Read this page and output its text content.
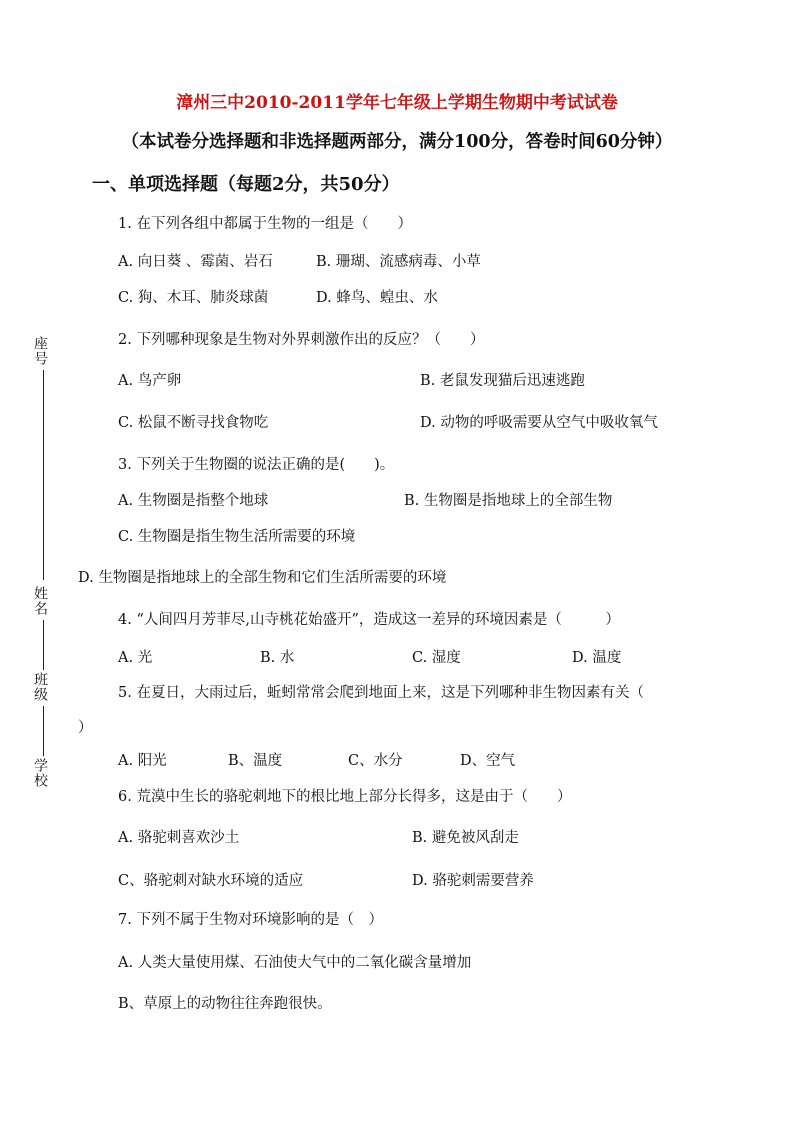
座号
姓名
班级
学校
漳州三中2010-2011学年七年级上学期生物期中考试试卷
（本试卷分选择题和非选择题两部分，满分100分，答卷时间60分钟）
一、单项选择题（每题2分，共50分）
1. 在下列各组中都属于生物的一组是（　　）
A. 向日葵 、霉菌、岩石	B. 珊瑚、流感病毒、小草
C. 狗、木耳、肺炎球菌	D. 蜂鸟、蝗虫、水
2. 下列哪种现象是生物对外界刺激作出的反应？（　　）
A. 鸟产卵	B. 老鼠发现猫后迅速逃跑
C. 松鼠不断寻找食物吃	D. 动物的呼吸需要从空气中吸收氧气
3. 下列关于生物圈的说法正确的是(　　)。
A. 生物圈是指整个地球	B. 生物圈是指地球上的全部生物
C. 生物圈是指生物生活所需要的环境
D. 生物圈是指地球上的全部生物和它们生活所需要的环境
4. “人间四月芳菲尽,山寺桃花始盛开”，造成这一差异的环境因素是（　　　）
A. 光	B. 水	C. 湿度	D. 温度
5. 在夏日，大雨过后，蚯蚓常常会爬到地面上来，这是下列哪种非生物因素有关（
）
A. 阳光	B、温度	C、水分	D、空气
6. 荒漠中生长的骆驼刺地下的根比地上部分长得多，这是由于（　　）
A. 骆驼刺喜欢沙土	B. 避免被风刮走
C、骆驼刺对缺水环境的适应	D. 骆驼刺需要营养
7. 下列不属于生物对环境影响的是（　）
A. 人类大量使用煤、石油使大气中的二氧化碳含量增加
B、草原上的动物往往奔跑很快。
